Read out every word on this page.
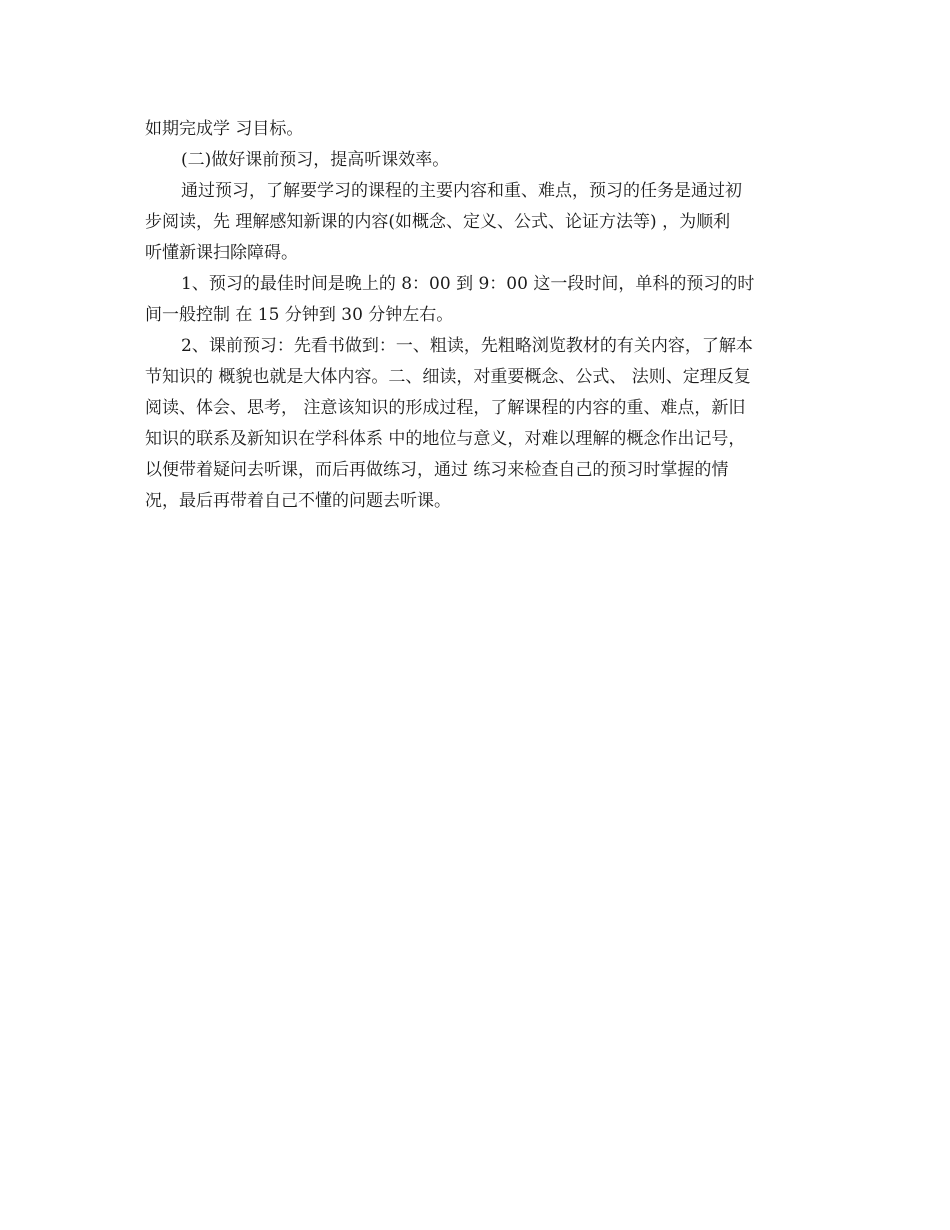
如期完成学 习目标。

(二)做好课前预习，提高听课效率。

通过预习，了解要学习的课程的主要内容和重、难点，预习的任务是通过初

步阅读，先 理解感知新课的内容(如概念、定义、公式、论证方法等) ，为顺利

听懂新课扫除障碍。

1、预习的最佳时间是晚上的 8：00 到 9：00 这一段时间，单科的预习的时

间一般控制 在 15 分钟到 30 分钟左右。

2、课前预习：先看书做到：一、粗读，先粗略浏览教材的有关内容，了解本

节知识的 概貌也就是大体内容。二、细读，对重要概念、公式、 法则、定理反复

阅读、体会、思考， 注意该知识的形成过程，了解课程的内容的重、难点，新旧

知识的联系及新知识在学科体系 中的地位与意义，对难以理解的概念作出记号，

以便带着疑问去听课，而后再做练习，通过 练习来检查自己的预习时掌握的情

况，最后再带着自己不懂的问题去听课。
